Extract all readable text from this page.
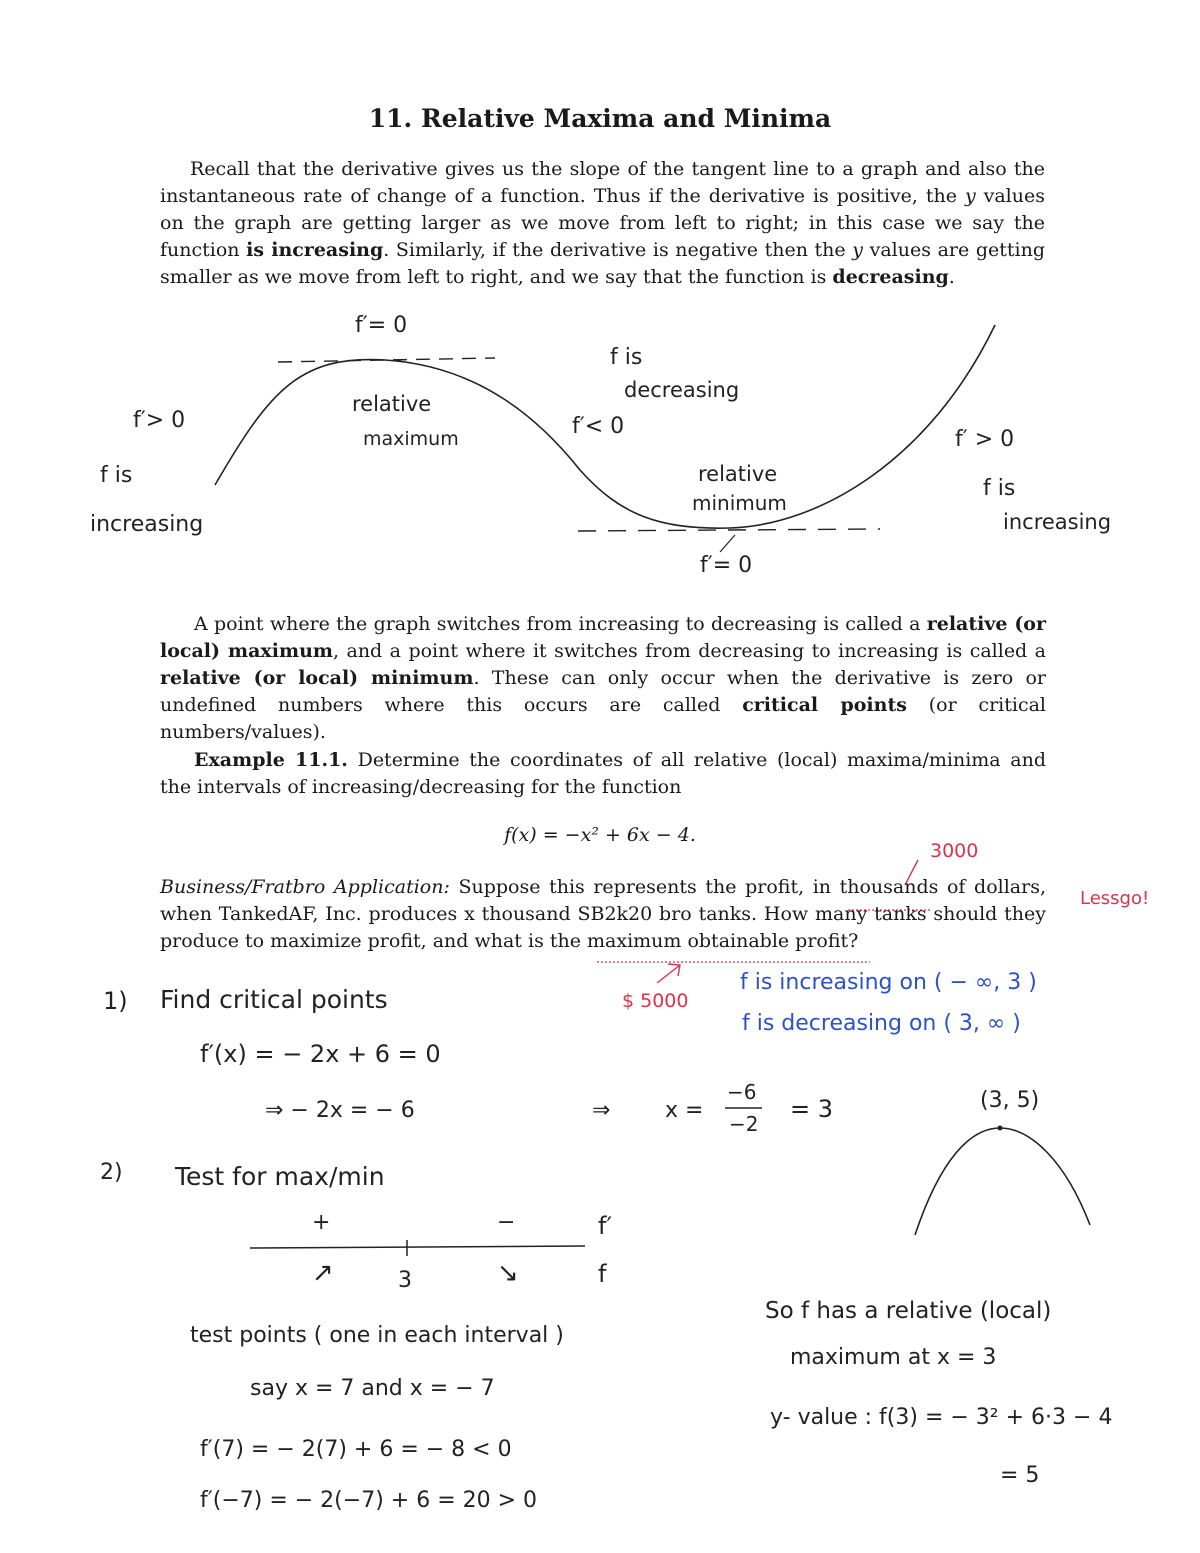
11. Relative Maxima and Minima
Recall that the derivative gives us the slope of the tangent line to a graph and also the instantaneous rate of change of a function. Thus if the derivative is positive, the y values on the graph are getting larger as we move from left to right; in this case we say the function is increasing. Similarly, if the derivative is negative then the y values are getting smaller as we move from left to right, and we say that the function is decreasing.
f′= 0
f′> 0
f is
increasing
relative
maximum
f is
decreasing
f′< 0
relative
minimum
f′= 0
f′ > 0
f is
increasing
A point where the graph switches from increasing to decreasing is called a relative (or local) maximum, and a point where it switches from decreasing to increasing is called a relative (or local) minimum. These can only occur when the derivative is zero or undefined numbers where this occurs are called critical points (or critical numbers/values).
Example 11.1. Determine the coordinates of all relative (local) maxima/minima and the intervals of increasing/decreasing for the function
f(x) = −x² + 6x − 4.
Business/Fratbro Application: Suppose this represents the profit, in thousands of dollars, when TankedAF, Inc. produces x thousand SB2k20 bro tanks. How many tanks should they produce to maximize profit, and what is the maximum obtainable profit?
3000
Lessgo!
$ 5000
1) Find critical points
f′(x) = − 2x + 6 = 0
⇒ − 2x = − 6	⇒ x =
−6
−2
= 3
f is increasing on ( − ∞, 3 )
f is decreasing on ( 3, ∞ )
(3, 5)
2) Test for max/min
+	−	f′
f
3
↗	↘
test points ( one in each interval )
say x = 7 and x = − 7
f′(7) = − 2(7) + 6 = − 8 < 0
f′(−7) = − 2(−7) + 6 = 20 > 0
So f has a relative (local)
maximum at x = 3
y- value : f(3) = − 3² + 6·3 − 4
= 5
